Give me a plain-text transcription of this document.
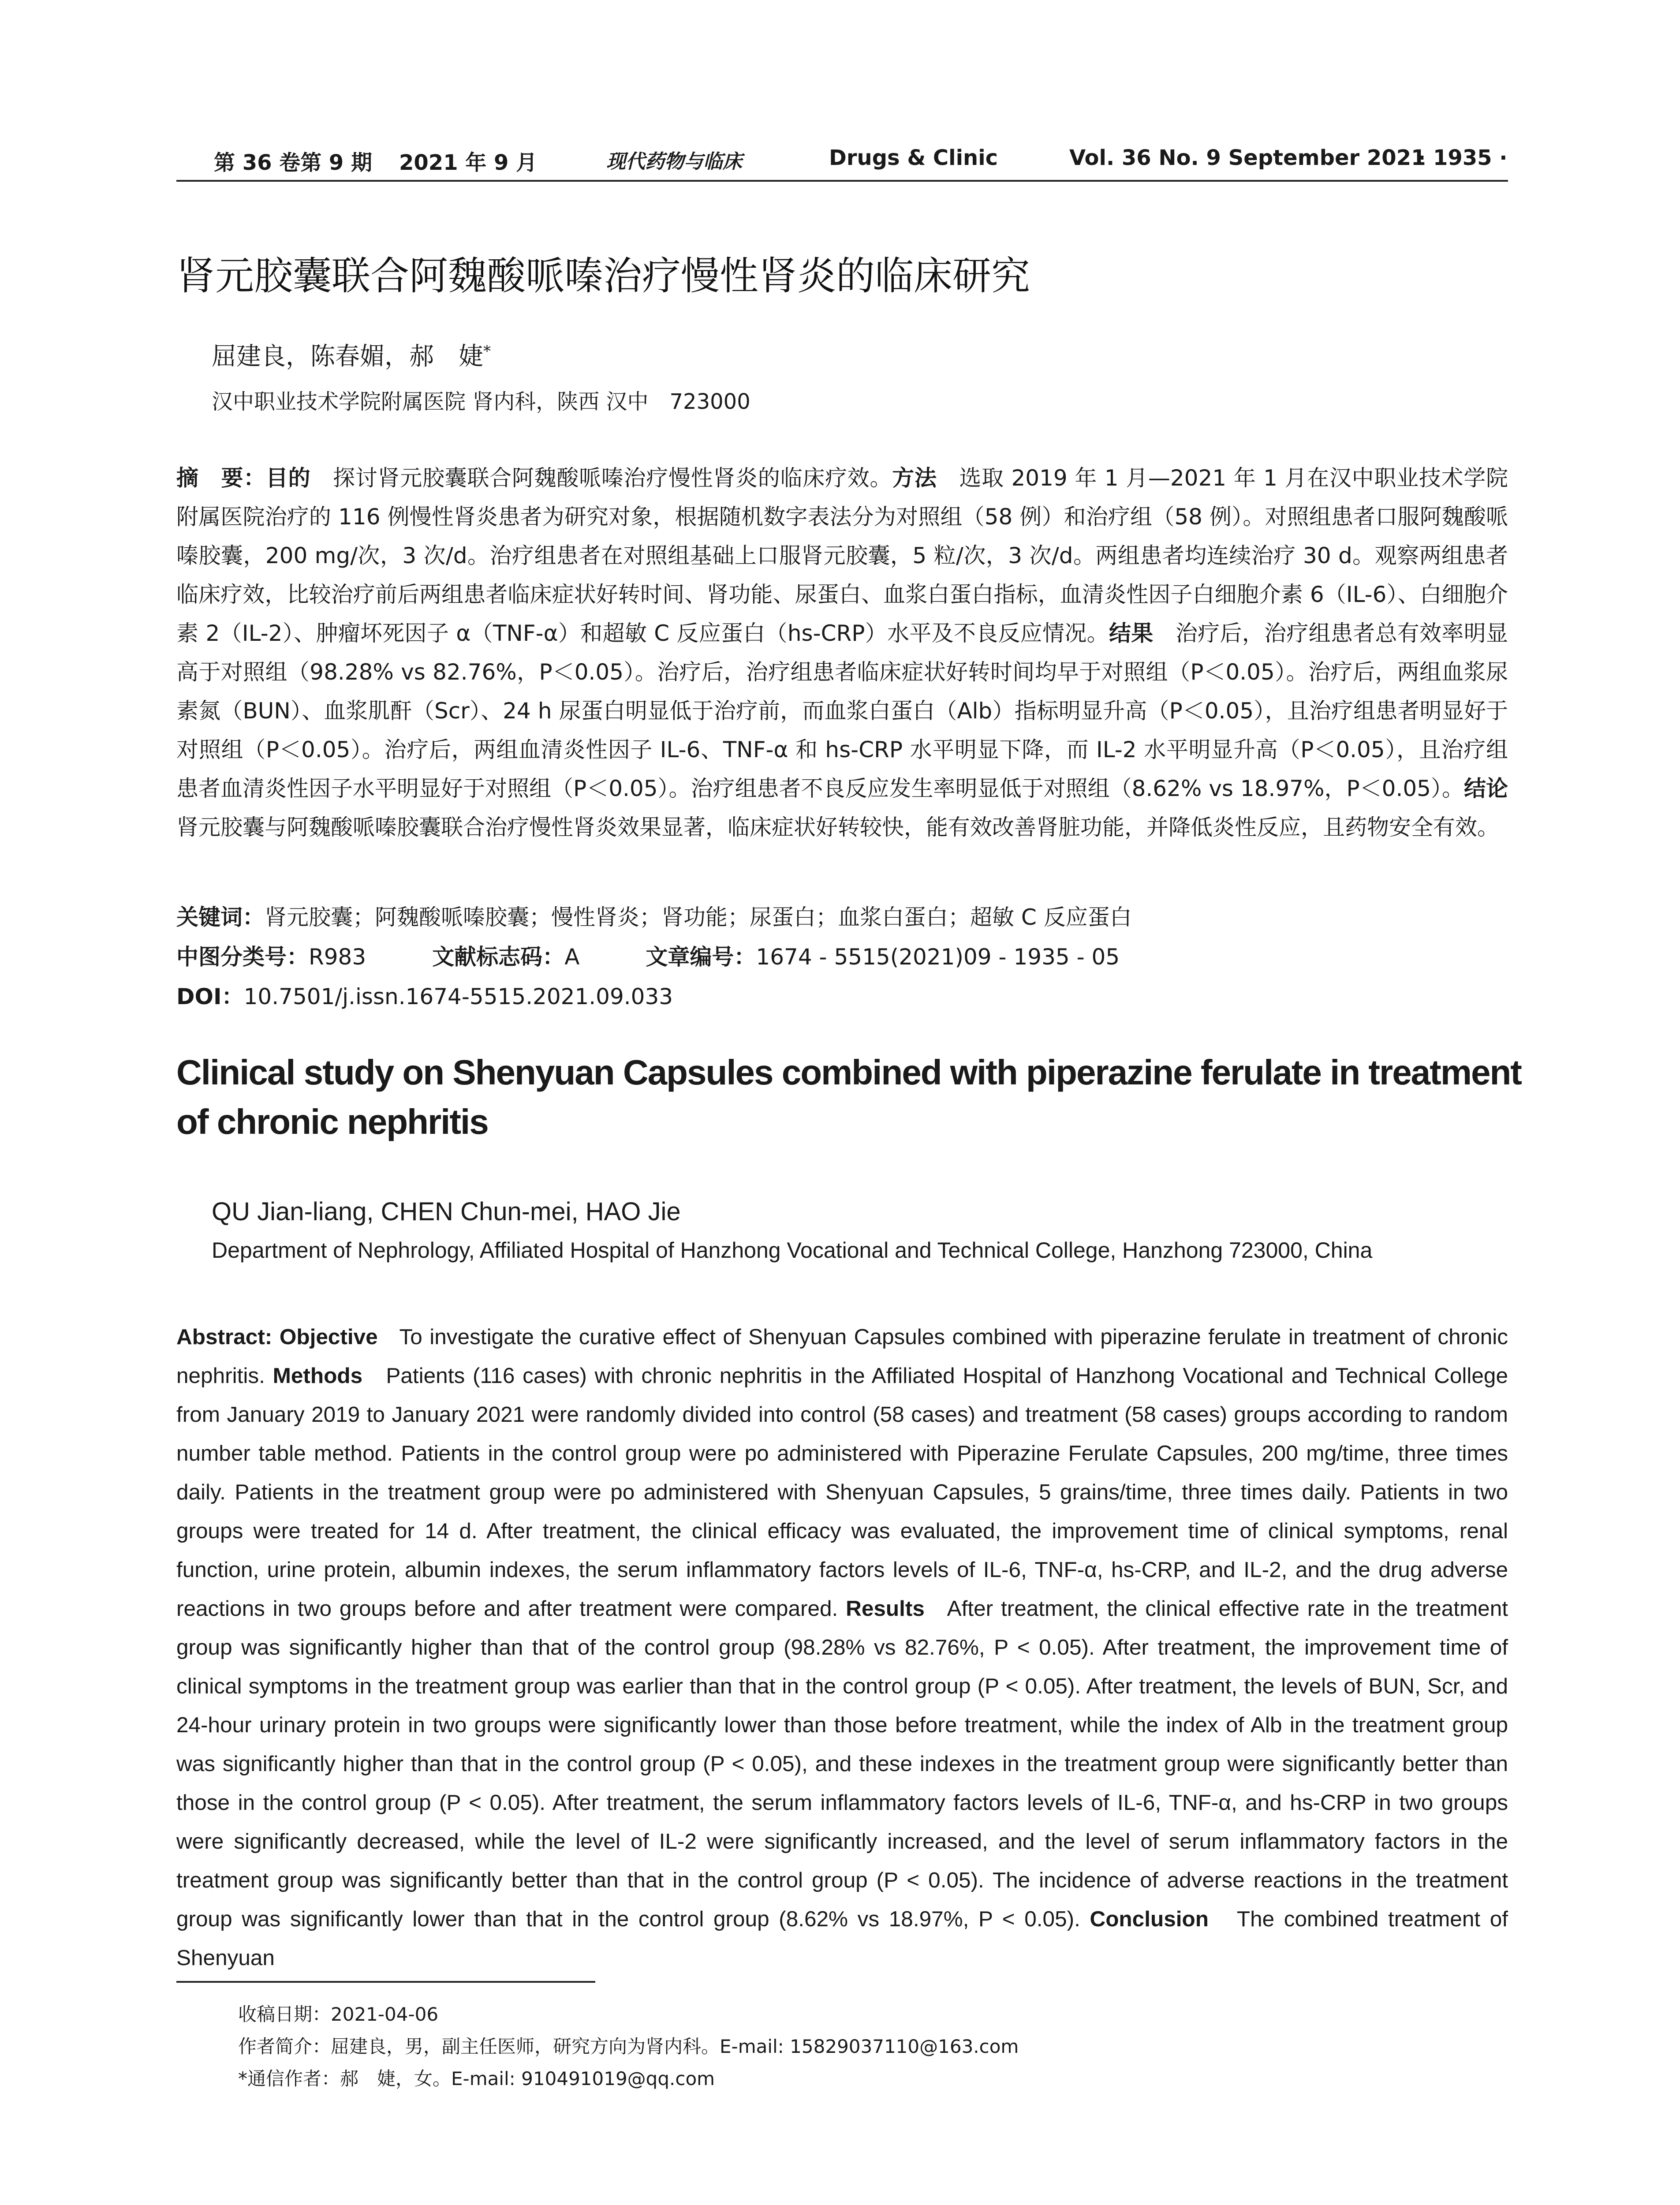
第 36 卷第 9 期 2021 年 9 月	现代药物与临床	Drugs & Clinic	Vol. 36 No. 9 September 2021
· 1935 ·
肾元胶囊联合阿魏酸哌嗪治疗慢性肾炎的临床研究
屈建良，陈春媚，郝　婕*
汉中职业技术学院附属医院 肾内科，陕西 汉中　723000

摘　要：目的　 探讨肾元胶囊联合阿魏酸哌嗪治疗慢性肾炎的临床疗效。方法　 选取 2019 年 1 月—2021 年 1 月在汉中职业技术学院附属医院治疗的 116 例慢性肾炎患者为研究对象，根据随机数字表法分为对照组（58 例）和治疗组（58 例）。对照组患者口服阿魏酸哌嗪胶囊，200 mg/次，3 次/d。治疗组患者在对照组基础上口服肾元胶囊，5 粒/次，3 次/d。两组患者均连续治疗 30 d。观察两组患者临床疗效，比较治疗前后两组患者临床症状好转时间、肾功能、尿蛋白、血浆白蛋白指标，血清炎性因子白细胞介素 6（IL-6）、白细胞介素 2（IL-2）、肿瘤坏死因子 α（TNF-α）和超敏 C 反应蛋白（hs-CRP）水平及不良反应情况。结果　 治疗后，治疗组患者总有效率明显高于对照组（98.28% vs 82.76%，P＜0.05）。治疗后，治疗组患者临床症状好转时间均早于对照组（P＜0.05）。治疗后，两组血浆尿素氮（BUN）、血浆肌酐（Scr）、24 h 尿蛋白明显低于治疗前，而血浆白蛋白（Alb）指标明显升高（P＜0.05），且治疗组患者明显好于对照组（P＜0.05）。治疗后，两组血清炎性因子 IL-6、TNF-α 和 hs-CRP 水平明显下降，而 IL-2 水平明显升高（P＜0.05），且治疗组患者血清炎性因子水平明显好于对照组（P＜0.05）。治疗组患者不良反应发生率明显低于对照组（8.62% vs 18.97%，P＜0.05）。结论　肾元胶囊与阿魏酸哌嗪胶囊联合治疗慢性肾炎效果显著，临床症状好转较快，能有效改善肾脏功能，并降低炎性反应，且药物安全有效。

关键词：肾元胶囊；阿魏酸哌嗪胶囊；慢性肾炎；肾功能；尿蛋白；血浆白蛋白；超敏 C 反应蛋白
中图分类号：R983	文献标志码：A	文章编号：1674 - 5515(2021)09 - 1935 - 05
DOI：10.7501/j.issn.1674-5515.2021.09.033
Clinical study on Shenyuan Capsules combined with piperazine ferulate in treatment of chronic nephritis
QU Jian-liang, CHEN Chun-mei, HAO Jie
Department of Nephrology, Affiliated Hospital of Hanzhong Vocational and Technical College, Hanzhong 723000, China

Abstract: Objective To investigate the curative effect of Shenyuan Capsules combined with piperazine ferulate in treatment of chronic nephritis. Methods Patients (116 cases) with chronic nephritis in the Affiliated Hospital of Hanzhong Vocational and Technical College from January 2019 to January 2021 were randomly divided into control (58 cases) and treatment (58 cases) groups according to random number table method. Patients in the control group were po administered with Piperazine Ferulate Capsules, 200 mg/time, three times daily. Patients in the treatment group were po administered with Shenyuan Capsules, 5 grains/time, three times daily. Patients in two groups were treated for 14 d. After treatment, the clinical efficacy was evaluated, the improvement time of clinical symptoms, renal function, urine protein, albumin indexes, the serum inflammatory factors levels of IL-6, TNF-α, hs-CRP, and IL-2, and the drug adverse reactions in two groups before and after treatment were compared. Results After treatment, the clinical effective rate in the treatment group was significantly higher than that of the control group (98.28% vs 82.76%, P < 0.05). After treatment, the improvement time of clinical symptoms in the treatment group was earlier than that in the control group (P < 0.05). After treatment, the levels of BUN, Scr, and 24-hour urinary protein in two groups were significantly lower than those before treatment, while the index of Alb in the treatment group was significantly higher than that in the control group (P < 0.05), and these indexes in the treatment group were significantly better than those in the control group (P < 0.05). After treatment, the serum inflammatory factors levels of IL-6, TNF-α, and hs-CRP in two groups were significantly decreased, while the level of IL-2 were significantly increased, and the level of serum inflammatory factors in the treatment group was significantly better than that in the control group (P < 0.05). The incidence of adverse reactions in the treatment group was significantly lower than that in the control group (8.62% vs 18.97%, P < 0.05). Conclusion The combined treatment of Shenyuan

收稿日期：2021-04-06
作者简介：屈建良，男，副主任医师，研究方向为肾内科。E-mail: 15829037110@163.com
*通信作者：郝　婕，女。E-mail: 910491019@qq.com
